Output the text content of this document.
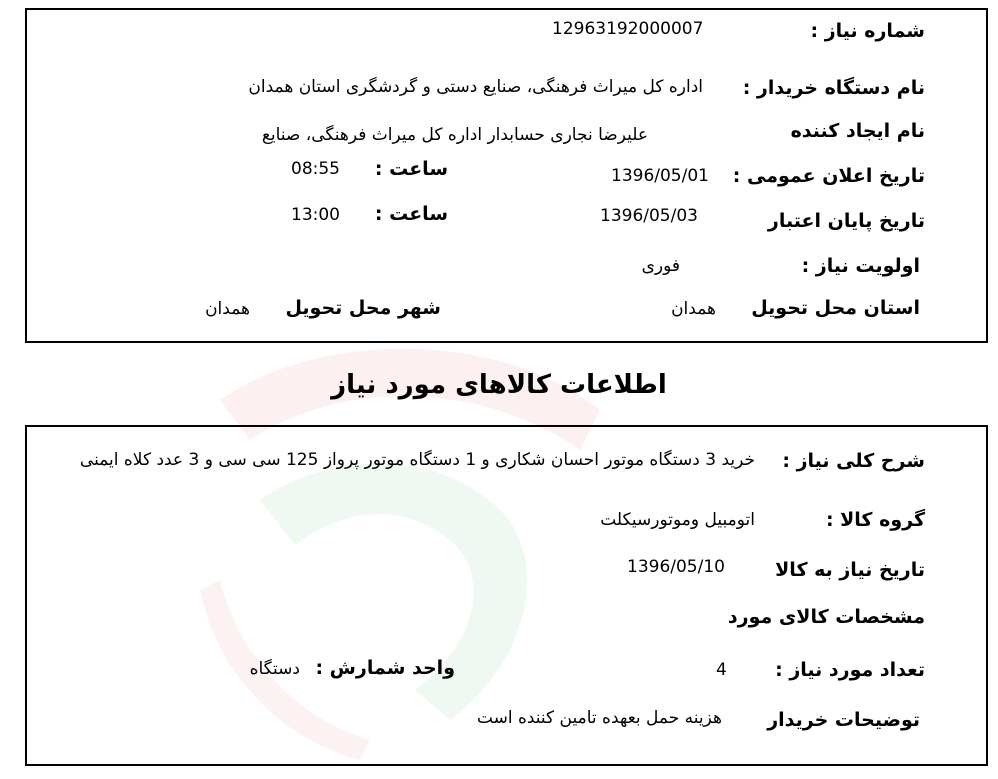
شماره نیاز :
12963192000007
نام دستگاه خریدار :
اداره کل میراث فرهنگی، صنایع دستی و گردشگری استان همدان
نام ایجاد کننده
علیرضا نجاری حسابدار اداره کل میراث فرهنگی، صنایع
تاریخ اعلان عمومی :
1396/05/01
ساعت :
08:55
تاریخ پایان اعتبار
1396/05/03
ساعت :
13:00
اولویت نیاز :
فوری
استان محل تحویل
همدان
شهر محل تحویل
همدان
اطلاعات کالاهای مورد نیاز
شرح کلی نیاز :
خرید 3 دستگاه موتور احسان شکاری و 1 دستگاه موتور پرواز 125 سی سی و 3 عدد کلاه ایمنی
گروه کالا :
اتومبیل وموتورسیکلت
تاریخ نیاز به کالا
1396/05/10
مشخصات کالای مورد
تعداد مورد نیاز :
4
واحد شمارش :
دستگاه
توضیحات خریدار
هزینه حمل بعهده تامین کننده است
